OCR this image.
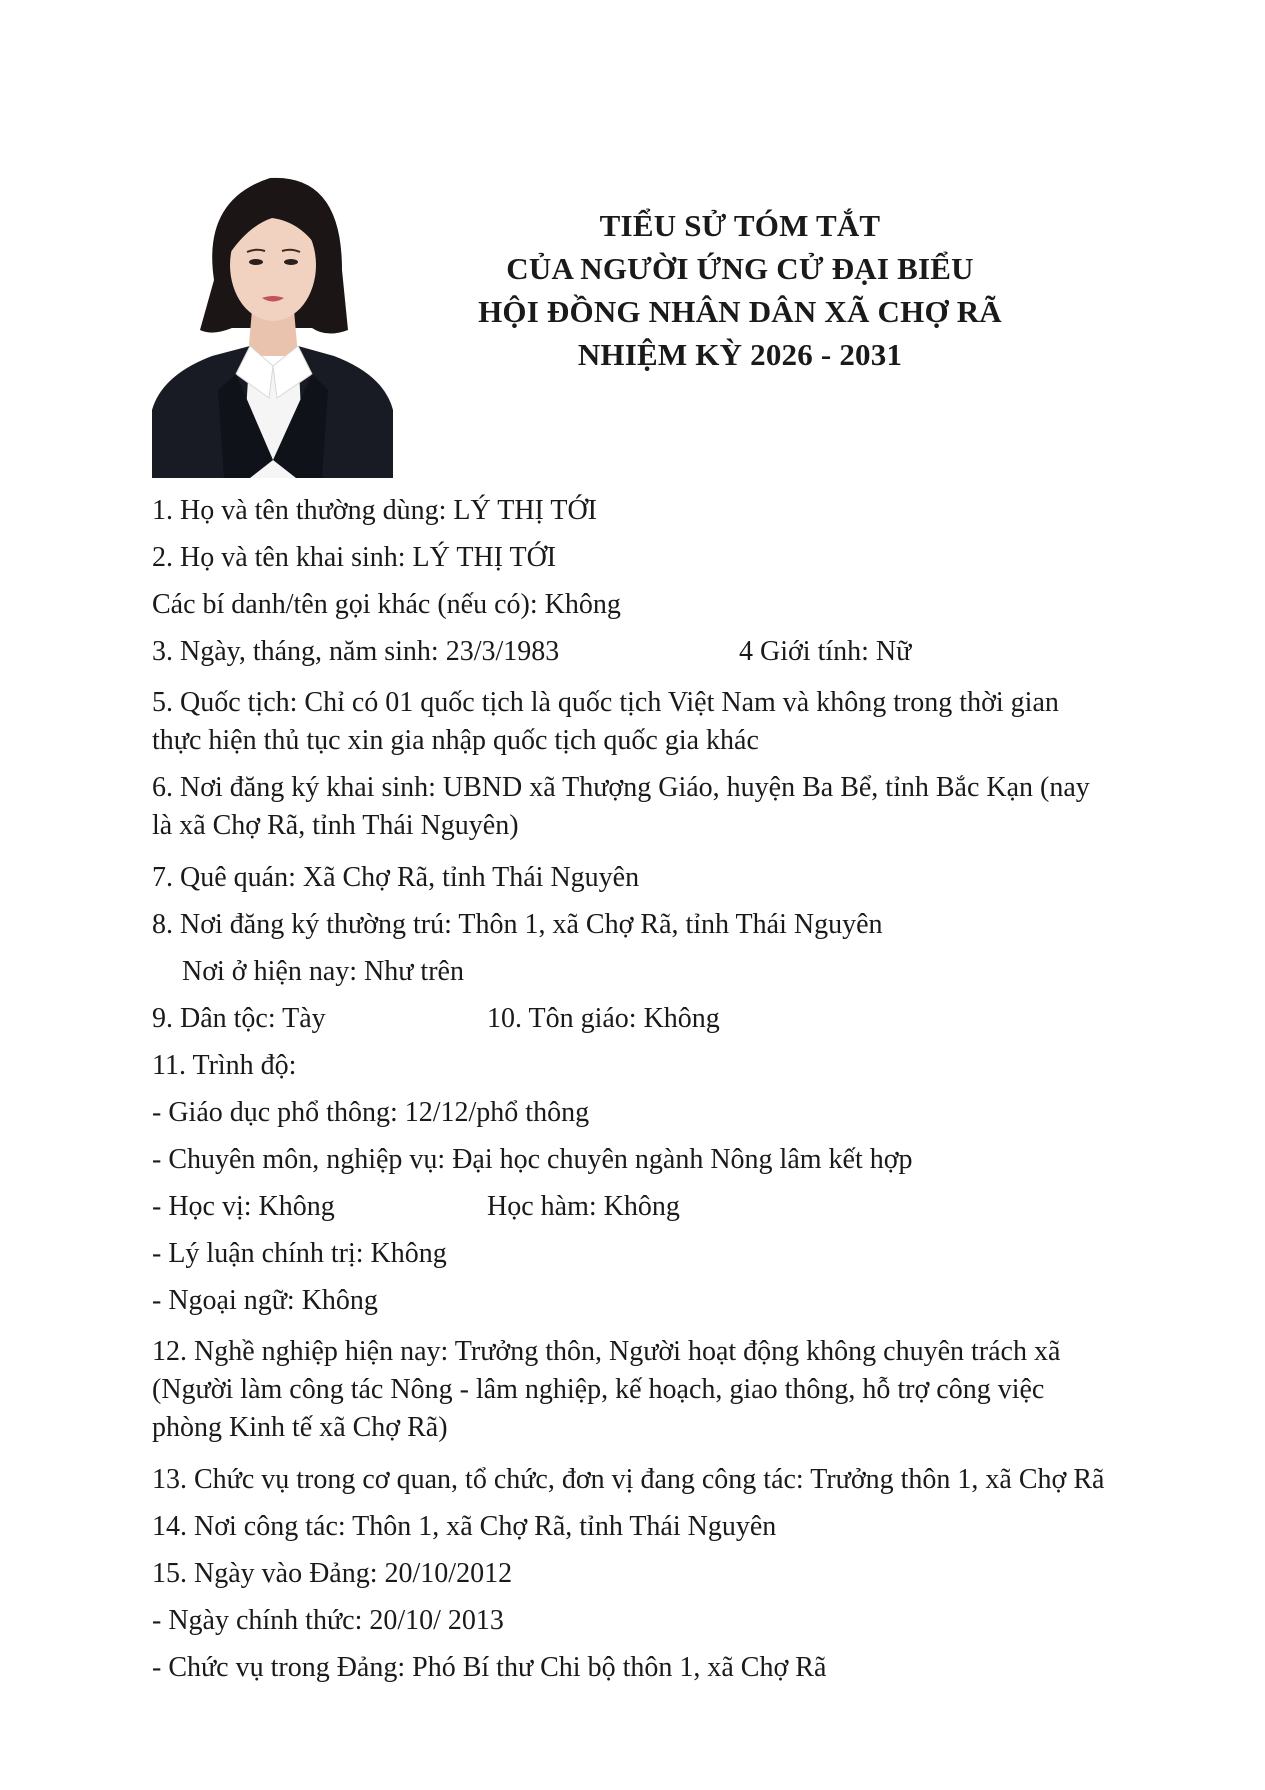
TIỂU SỬ TÓM TẮT
CỦA NGƯỜI ỨNG CỬ ĐẠI BIỂU
HỘI ĐỒNG NHÂN DÂN XÃ CHỢ RÃ
NHIỆM KỲ 2026 - 2031
1. Họ và tên thường dùng: LÝ THỊ TỚI
2. Họ và tên khai sinh: LÝ THỊ TỚI
Các bí danh/tên gọi khác (nếu có): Không
3. Ngày, tháng, năm sinh: 23/3/1983	4 Giới tính: Nữ
5. Quốc tịch: Chỉ có 01 quốc tịch là quốc tịch Việt Nam và không trong thời gian
thực hiện thủ tục xin gia nhập quốc tịch quốc gia khác
6. Nơi đăng ký khai sinh: UBND xã Thượng Giáo, huyện Ba Bể, tỉnh Bắc Kạn (nay
là xã Chợ Rã, tỉnh Thái Nguyên)
7. Quê quán: Xã Chợ Rã, tỉnh Thái Nguyên
8. Nơi đăng ký thường trú: Thôn 1, xã Chợ Rã, tỉnh Thái Nguyên
Nơi ở hiện nay: Như trên
9. Dân tộc: Tày	10. Tôn giáo: Không
11. Trình độ:
- Giáo dục phổ thông: 12/12/phổ thông
- Chuyên môn, nghiệp vụ: Đại học chuyên ngành Nông lâm kết hợp
- Học vị: Không	Học hàm: Không
- Lý luận chính trị: Không
- Ngoại ngữ: Không
12. Nghề nghiệp hiện nay: Trưởng thôn, Người hoạt động không chuyên trách xã
(Người làm công tác Nông - lâm nghiệp, kế hoạch, giao thông, hỗ trợ công việc
phòng Kinh tế xã Chợ Rã)
13. Chức vụ trong cơ quan, tổ chức, đơn vị đang công tác: Trưởng thôn 1, xã Chợ Rã
14. Nơi công tác: Thôn 1, xã Chợ Rã, tỉnh Thái Nguyên
15. Ngày vào Đảng: 20/10/2012
- Ngày chính thức: 20/10/ 2013
- Chức vụ trong Đảng: Phó Bí thư Chi bộ thôn 1, xã Chợ Rã
